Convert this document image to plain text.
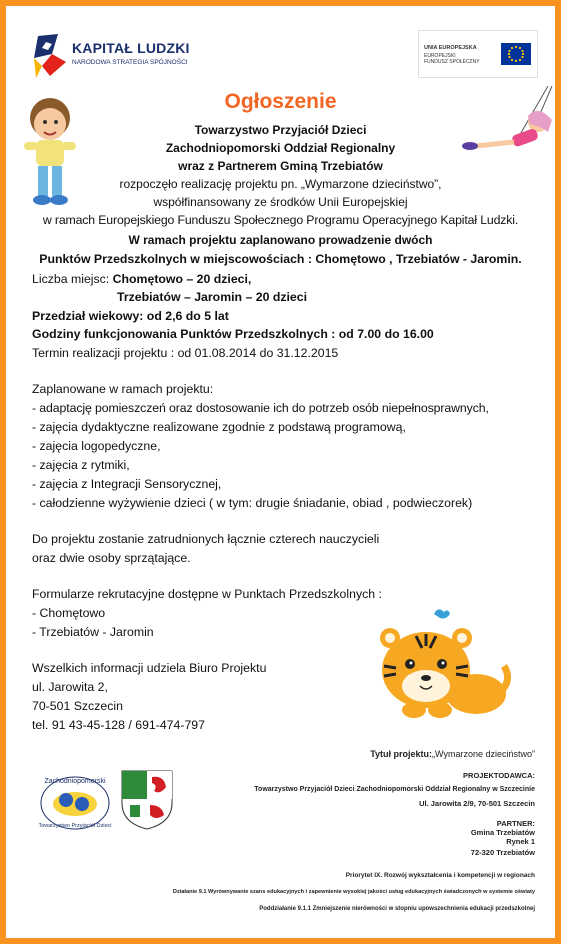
KAPITAŁ LUDZKI
NARODOWA STRATEGIA SPÓJNOŚCI
UNIA EUROPEJSKA
EUROPEJSKI
FUNDUSZ SPOŁECZNY
Ogłoszenie
Towarzystwo Przyjaciół Dzieci
Zachodniopomorski Oddział Regionalny
wraz z Partnerem Gminą Trzebiatów
rozpoczęło realizację projektu pn. „Wymarzone dzieciństwo”,
współfinansowany ze środków Unii Europejskiej
w ramach Europejskiego Funduszu Społecznego Programu Operacyjnego Kapitał Ludzki.
W ramach projektu zaplanowano prowadzenie dwóch
Punktów Przedszkolnych w miejscowościach : Chomętowo , Trzebiatów - Jaromin.
Liczba miejsc: Chomętowo – 20 dzieci,
Trzebiatów – Jaromin – 20 dzieci
Przedział wiekowy: od 2,6 do 5 lat
Godziny funkcjonowania Punktów Przedszkolnych : od 7.00 do 16.00
Termin realizacji projektu : od 01.08.2014 do 31.12.2015
Zaplanowane w ramach projektu:
- adaptację pomieszczeń oraz dostosowanie ich do potrzeb osób niepełnosprawnych,
- zajęcia dydaktyczne realizowane zgodnie z podstawą programową,
- zajęcia logopedyczne,
- zajęcia z rytmiki,
- zajęcia z Integracji Sensorycznej,
- całodzienne wyżywienie dzieci ( w tym: drugie śniadanie, obiad , podwieczorek)
Do projektu zostanie zatrudnionych łącznie czterech nauczycieli
oraz dwie osoby sprzątające.
Formularze rekrutacyjne dostępne w Punktach Przedszkolnych :
- Chomętowo
- Trzebiatów - Jaromin
Wszelkich informacji udziela Biuro Projektu
ul. Jarowita 2,
70-501 Szczecin
tel. 91 43-45-128 / 691-474-797
Tytuł projektu:„Wymarzone dzieciństwo”
Zachodniopomorski
Towarzystwo Przyjaciół Dzieci
PROJEKTODAWCA:
Towarzystwo Przyjaciół Dzieci Zachodniopomorski Oddział Regionalny w Szczecinie
Ul. Jarowita 2/9, 70-501 Szczecin
PARTNER:
Gmina Trzebiatów
Rynek 1
72-320 Trzebiatów
Priorytet IX. Rozwój wykształcenia i kompetencji w regionach
Działanie 9.1 Wyrównywanie szans edukacyjnych i zapewnienie wysokiej jakości usług edukacyjnych świadczonych w systemie oświaty
Poddziałanie 9.1.1 Zmniejszenie nierówności w stopniu upowszechnienia edukacji przedszkolnej
